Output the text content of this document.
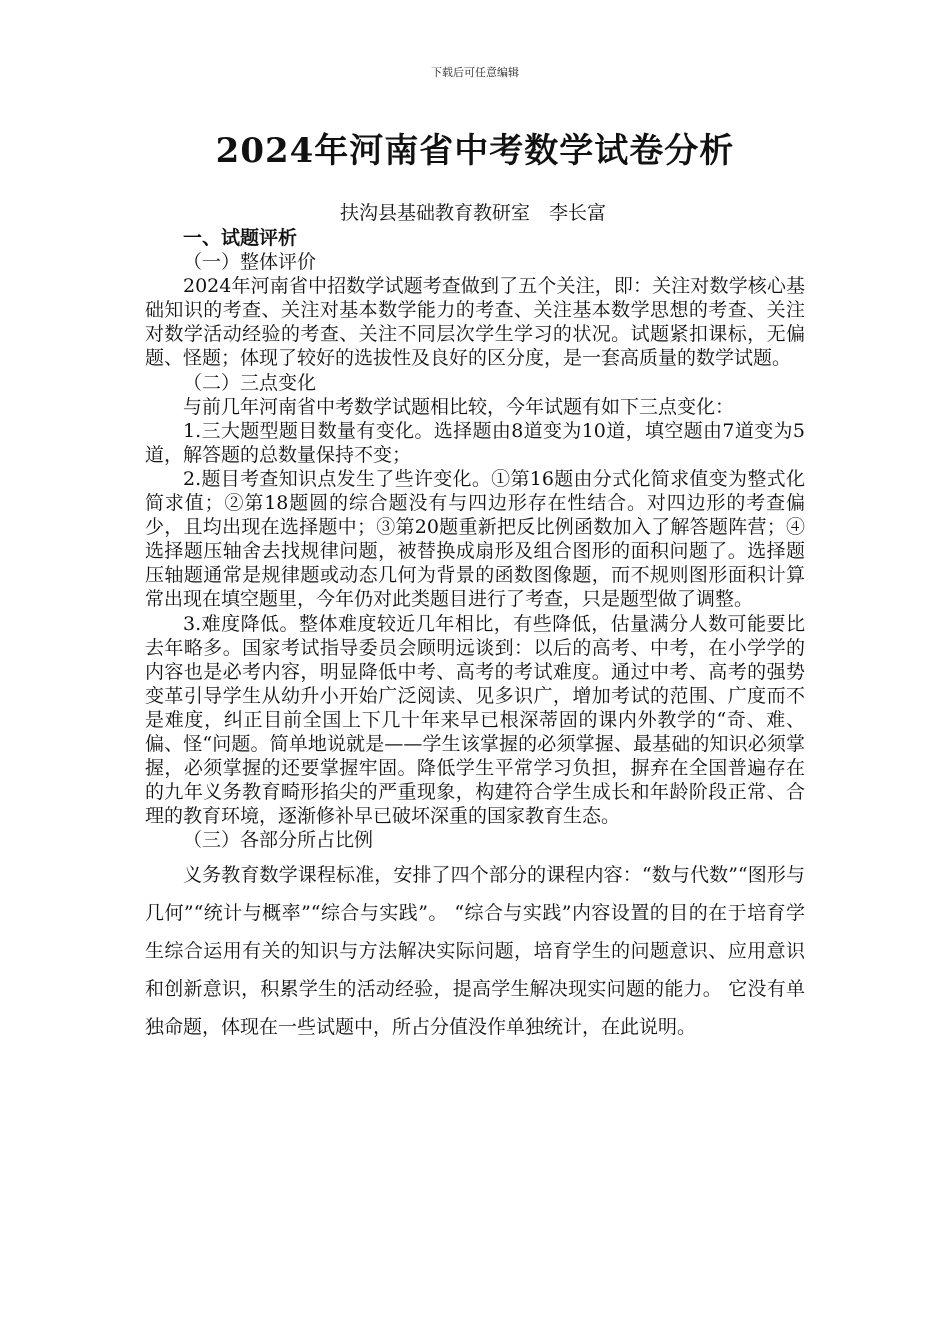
下载后可任意编辑
2024年河南省中考数学试卷分析
扶沟县基础教育教研室　李长富

一、试题评析

（一）整体评价

2024年河南省中招数学试题考查做到了五个关注，即：关注对数学核心基础知识的考查、关注对基本数学能力的考查、关注基本数学思想的考查、关注对数学活动经验的考查、关注不同层次学生学习的状况。试题紧扣课标，无偏题、怪题；体现了较好的选拔性及良好的区分度，是一套高质量的数学试题。

（二）三点变化

与前几年河南省中考数学试题相比较，今年试题有如下三点变化：

1.三大题型题目数量有变化。选择题由8道变为10道，填空题由7道变为5道，解答题的总数量保持不变；

2.题目考查知识点发生了些许变化。①第16题由分式化简求值变为整式化简求值；②第18题圆的综合题没有与四边形存在性结合。对四边形的考查偏少，且均出现在选择题中；③第20题重新把反比例函数加入了解答题阵营；④选择题压轴舍去找规律问题，被替换成扇形及组合图形的面积问题了。选择题压轴题通常是规律题或动态几何为背景的函数图像题，而不规则图形面积计算常出现在填空题里，今年仍对此类题目进行了考查，只是题型做了调整。

3.难度降低。整体难度较近几年相比，有些降低，估量满分人数可能要比去年略多。国家考试指导委员会顾明远谈到：以后的高考、中考，在小学学的内容也是必考内容，明显降低中考、高考的考试难度。通过中考、高考的强势变革引导学生从幼升小开始广泛阅读、见多识广，增加考试的范围、广度而不是难度，纠正目前全国上下几十年来早已根深蒂固的课内外教学的“奇、难、偏、怪“问题。简单地说就是——学生该掌握的必须掌握、最基础的知识必须掌握，必须掌握的还要掌握牢固。降低学生平常学习负担，摒弃在全国普遍存在的九年义务教育畸形掐尖的严重现象，构建符合学生成长和年龄阶段正常、合理的教育环境，逐渐修补早已破坏深重的国家教育生态。

（三）各部分所占比例

义务教育数学课程标准，安排了四个部分的课程内容：“数与代数”“图形与几何”“统计与概率”“综合与实践”。 “综合与实践”内容设置的目的在于培育学生综合运用有关的知识与方法解决实际问题，培育学生的问题意识、应用意识和创新意识，积累学生的活动经验，提高学生解决现实问题的能力。 它没有单独命题，体现在一些试题中，所占分值没作单独统计，在此说明。
